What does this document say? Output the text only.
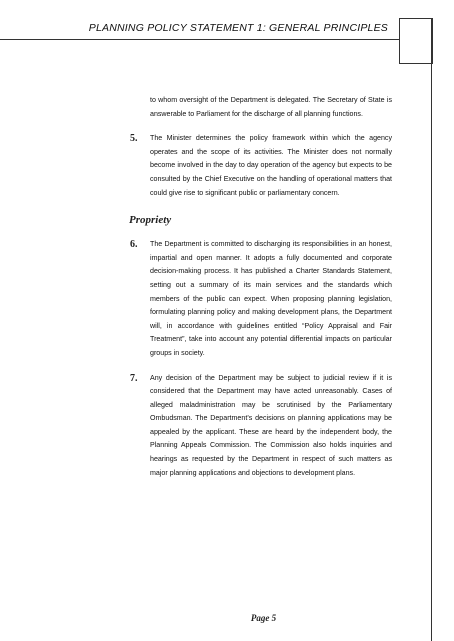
PLANNING POLICY STATEMENT 1: GENERAL PRINCIPLES

to whom oversight of the Department is delegated. The Secretary of State is answerable to Parliament for the discharge of all planning functions.

5. The Minister determines the policy framework within which the agency operates and the scope of its activities. The Minister does not normally become involved in the day to day operation of the agency but expects to be consulted by the Chief Executive on the handling of operational matters that could give rise to significant public or parliamentary concern.

Propriety
6. The Department is committed to discharging its responsibilities in an honest, impartial and open manner. It adopts a fully documented and corporate decision-making process. It has published a Charter Standards Statement, setting out a summary of its main services and the standards which members of the public can expect. When proposing planning legislation, formulating planning policy and making development plans, the Department will, in accordance with guidelines entitled “Policy Appraisal and Fair Treatment”, take into account any potential differential impacts on particular groups in society.

7. Any decision of the Department may be subject to judicial review if it is considered that the Department may have acted unreasonably. Cases of alleged maladministration may be scrutinised by the Parliamentary Ombudsman. The Department’s decisions on planning applications may be appealed by the applicant. These are heard by the independent body, the Planning Appeals Commission. The Commission also holds inquiries and hearings as requested by the Department in respect of such matters as major planning applications and objections to development plans.

Page 5
